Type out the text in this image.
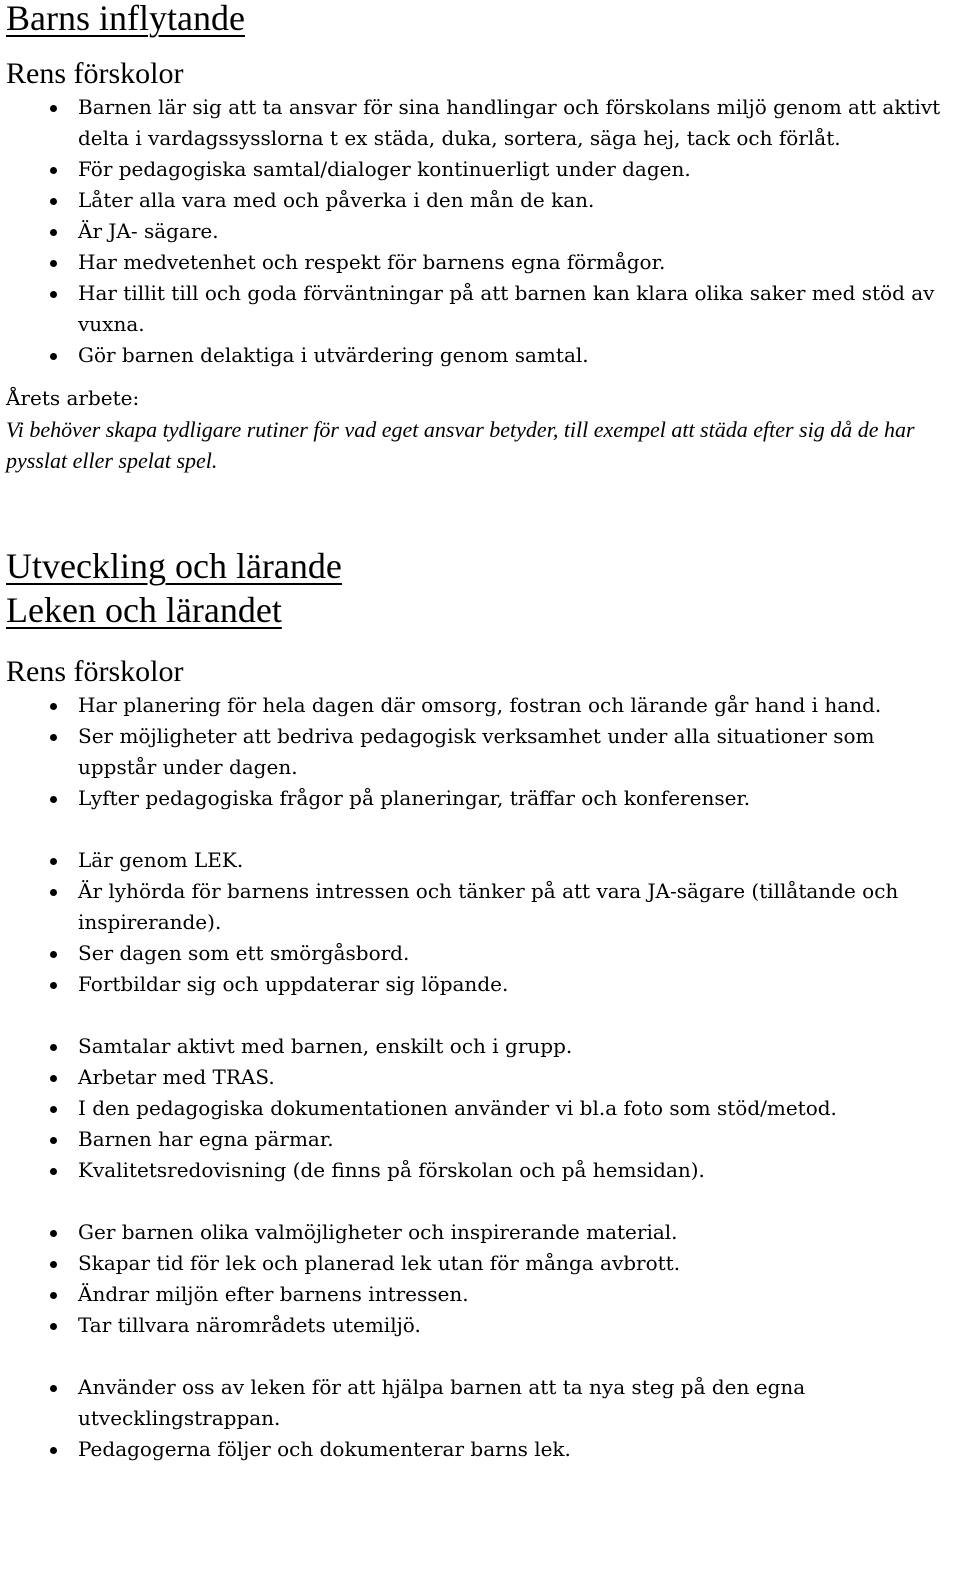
Barns inflytande
Rens förskolor
Barnen lär sig att ta ansvar för sina handlingar och förskolans miljö genom att aktivt delta i vardagssysslorna t ex städa, duka, sortera, säga hej, tack och förlåt.
För pedagogiska samtal/dialoger kontinuerligt under dagen.
Låter alla vara med och påverka i den mån de kan.
Är JA- sägare.
Har medvetenhet och respekt för barnens egna förmågor.
Har tillit till och goda förväntningar på att barnen kan klara olika saker med stöd av vuxna.
Gör barnen delaktiga i utvärdering genom samtal.

Årets arbete:

Vi behöver skapa tydligare rutiner för vad eget ansvar betyder, till exempel att städa efter sig då de har pysslat eller spelat spel.

Utveckling och lärande
Leken och lärandet
Rens förskolor
Har planering för hela dagen där omsorg, fostran och lärande går hand i hand.
Ser möjligheter att bedriva pedagogisk verksamhet under alla situationer som uppstår under dagen.
Lyfter pedagogiska frågor på planeringar, träffar och konferenser.
Lär genom LEK.
Är lyhörda för barnens intressen och tänker på att vara JA-sägare (tillåtande och inspirerande).
Ser dagen som ett smörgåsbord.
Fortbildar sig och uppdaterar sig löpande.
Samtalar aktivt med barnen, enskilt och i grupp.
Arbetar med TRAS.
I den pedagogiska dokumentationen använder vi bl.a foto som stöd/metod.
Barnen har egna pärmar.
Kvalitetsredovisning (de finns på förskolan och på hemsidan).
Ger barnen olika valmöjligheter och inspirerande material.
Skapar tid för lek och planerad lek utan för många avbrott.
Ändrar miljön efter barnens intressen.
Tar tillvara närområdets utemiljö.
Använder oss av leken för att hjälpa barnen att ta nya steg på den egna utvecklingstrappan.
Pedagogerna följer och dokumenterar barns lek.
